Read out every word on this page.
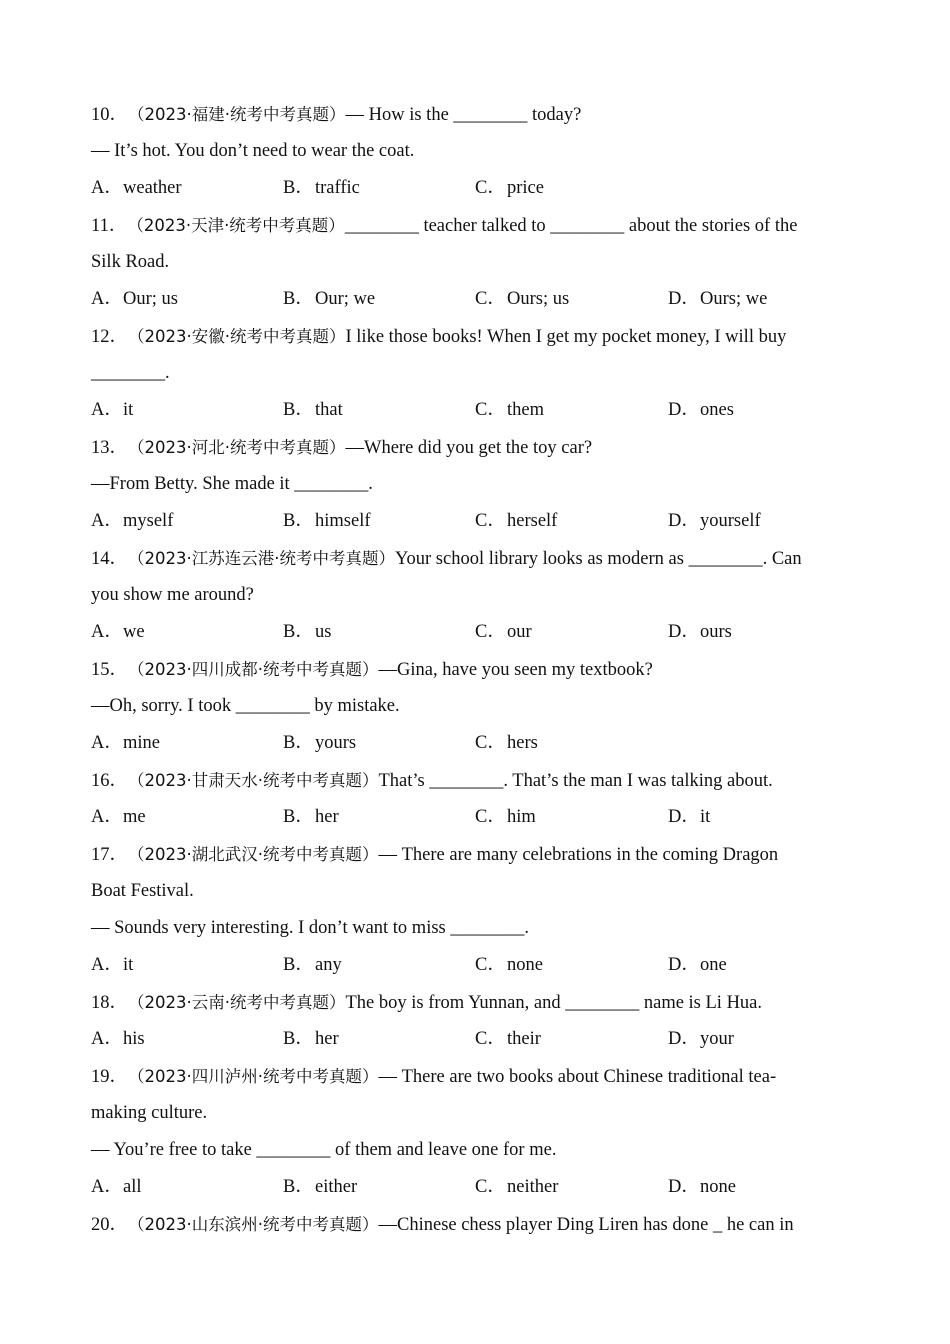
10．（2023·福建·统考中考真题）— How is the ________ today?
— It’s hot. You don’t need to wear the coat.
A．weather	B．traffic	C．price
11．（2023·天津·统考中考真题）________ teacher talked to ________ about the stories of the
Silk Road.
A．Our; us	B．Our; we	C．Ours; us	D．Ours; we
12．（2023·安徽·统考中考真题）I like those books! When I get my pocket money, I will buy
________.
A．it	B．that	C．them	D．ones
13．（2023·河北·统考中考真题）—Where did you get the toy car?
—From Betty. She made it ________.
A．myself	B．himself	C．herself	D．yourself
14．（2023·江苏连云港·统考中考真题）Your school library looks as modern as ________. Can
you show me around?
A．we	B．us	C．our	D．ours
15．（2023·四川成都·统考中考真题）—Gina, have you seen my textbook?
—Oh, sorry. I took ________ by mistake.
A．mine	B．yours	C．hers
16．（2023·甘肃天水·统考中考真题）That’s ________. That’s the man I was talking about.
A．me	B．her	C．him	D．it
17．（2023·湖北武汉·统考中考真题）— There are many celebrations in the coming Dragon
Boat Festival.
— Sounds very interesting. I don’t want to miss ________.
A．it	B．any	C．none	D．one
18．（2023·云南·统考中考真题）The boy is from Yunnan, and ________ name is Li Hua.
A．his	B．her	C．their	D．your
19．（2023·四川泸州·统考中考真题）— There are two books about Chinese traditional tea-
making culture.
— You’re free to take ________ of them and leave one for me.
A．all	B．either	C．neither	D．none
20．（2023·山东滨州·统考中考真题）—Chinese chess player Ding Liren has done _ he can in
